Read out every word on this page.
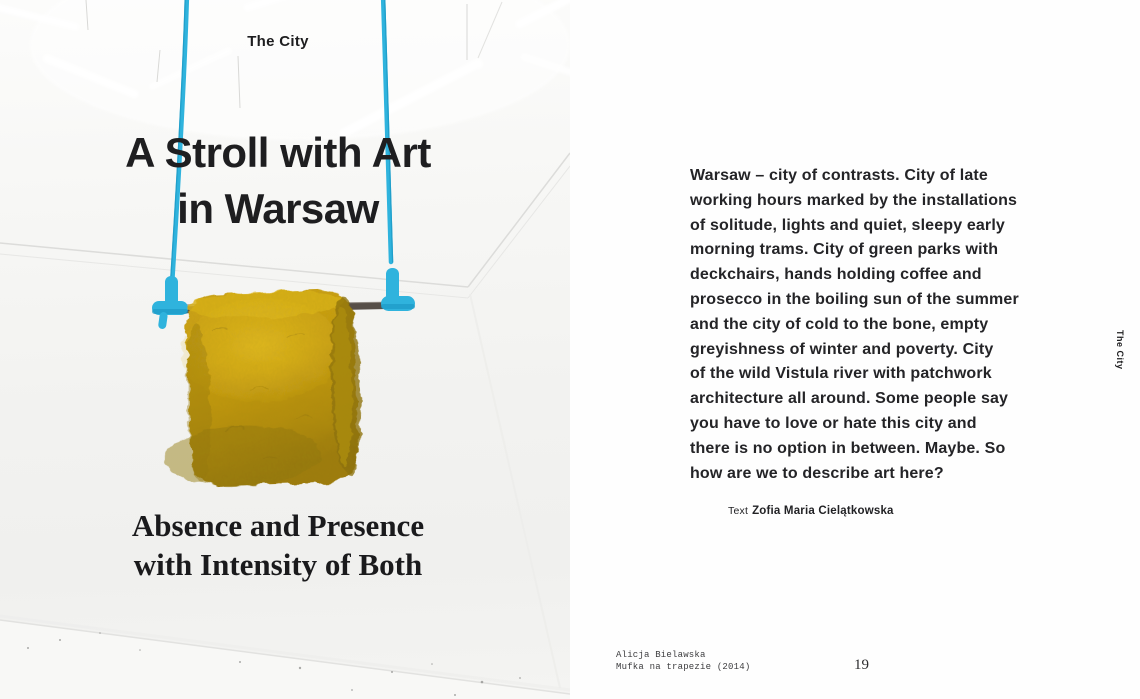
The City
A Stroll with Art
in Warsaw
Absence and Presence
with Intensity of Both
Warsaw – city of contrasts. City of late
working hours marked by the installations
of solitude, lights and quiet, sleepy early
morning trams. City of green parks with
deckchairs, hands holding coffee and
prosecco in the boiling sun of the summer
and the city of cold to the bone, empty
greyishness of winter and poverty. City
of the wild Vistula river with patchwork
architecture all around. Some people say
you have to love or hate this city and
there is no option in between. Maybe. So
how are we to describe art here?
Text Zofia Maria Cielątkowska
Alicja Bielawska
Mufka na trapezie (2014)	19
The City
